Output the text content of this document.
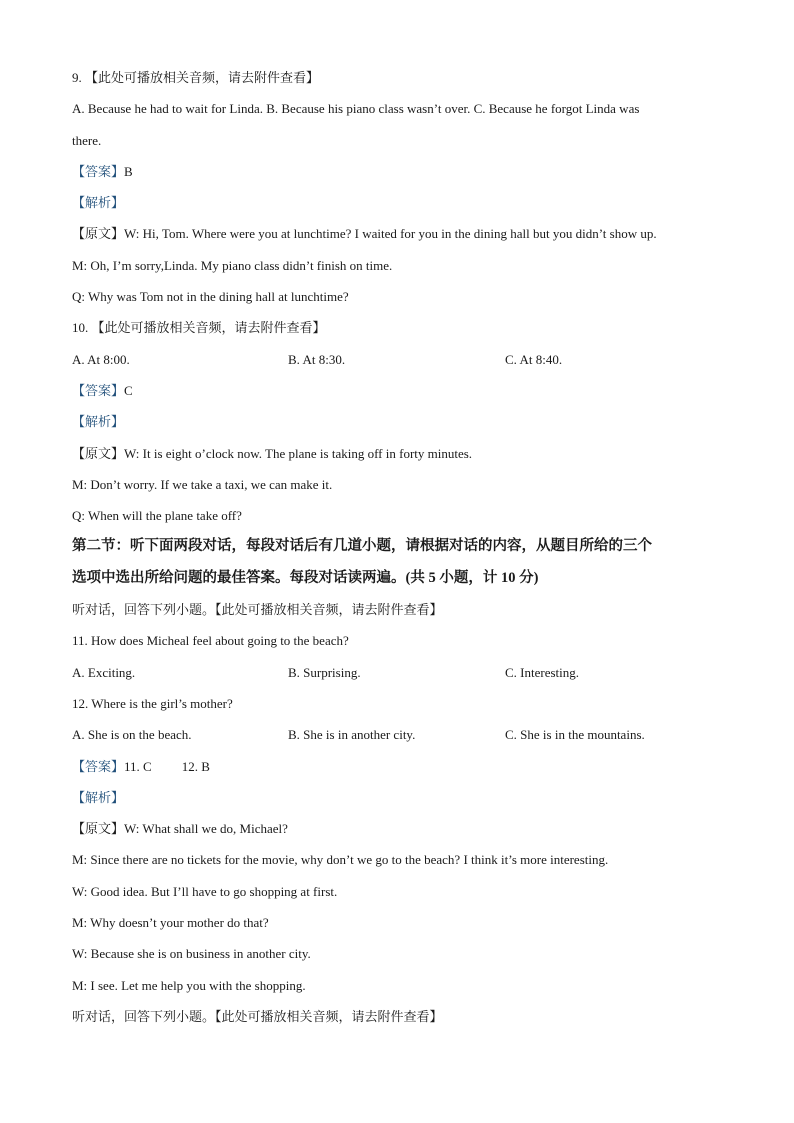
9. 【此处可播放相关音频，请去附件查看】
A. Because he had to wait for Linda. B. Because his piano class wasn’t over. C. Because he forgot Linda was
there.
【答案】B
【解析】
【原文】W: Hi, Tom. Where were you at lunchtime? I waited for you in the dining hall but you didn’t show up.
M: Oh, I’m sorry,Linda. My piano class didn’t finish on time.
Q: Why was Tom not in the dining hall at lunchtime?
10. 【此处可播放相关音频，请去附件查看】
A. At 8:00.	B. At 8:30.	C. At 8:40.
【答案】C
【解析】
【原文】W: It is eight o’clock now. The plane is taking off in forty minutes.
M: Don’t worry. If we take a taxi, we can make it.
Q: When will the plane take off?
第二节：听下面两段对话，每段对话后有几道小题，请根据对话的内容，从题目所给的三个
选项中选出所给问题的最佳答案。每段对话读两遍。(共 5 小题，计 10 分)
听对话，回答下列小题。【此处可播放相关音频，请去附件查看】
11. How does Micheal feel about going to the beach?
A. Exciting.	B. Surprising.	C. Interesting.
12. Where is the girl’s mother?
A. She is on the beach.	B. She is in another city.	C. She is in the mountains.
【答案】11. C 12. B
【解析】
【原文】W: What shall we do, Michael?
M: Since there are no tickets for the movie, why don’t we go to the beach? I think it’s more interesting.
W: Good idea. But I’ll have to go shopping at first.
M: Why doesn’t your mother do that?
W: Because she is on business in another city.
M: I see. Let me help you with the shopping.
听对话，回答下列小题。【此处可播放相关音频，请去附件查看】
